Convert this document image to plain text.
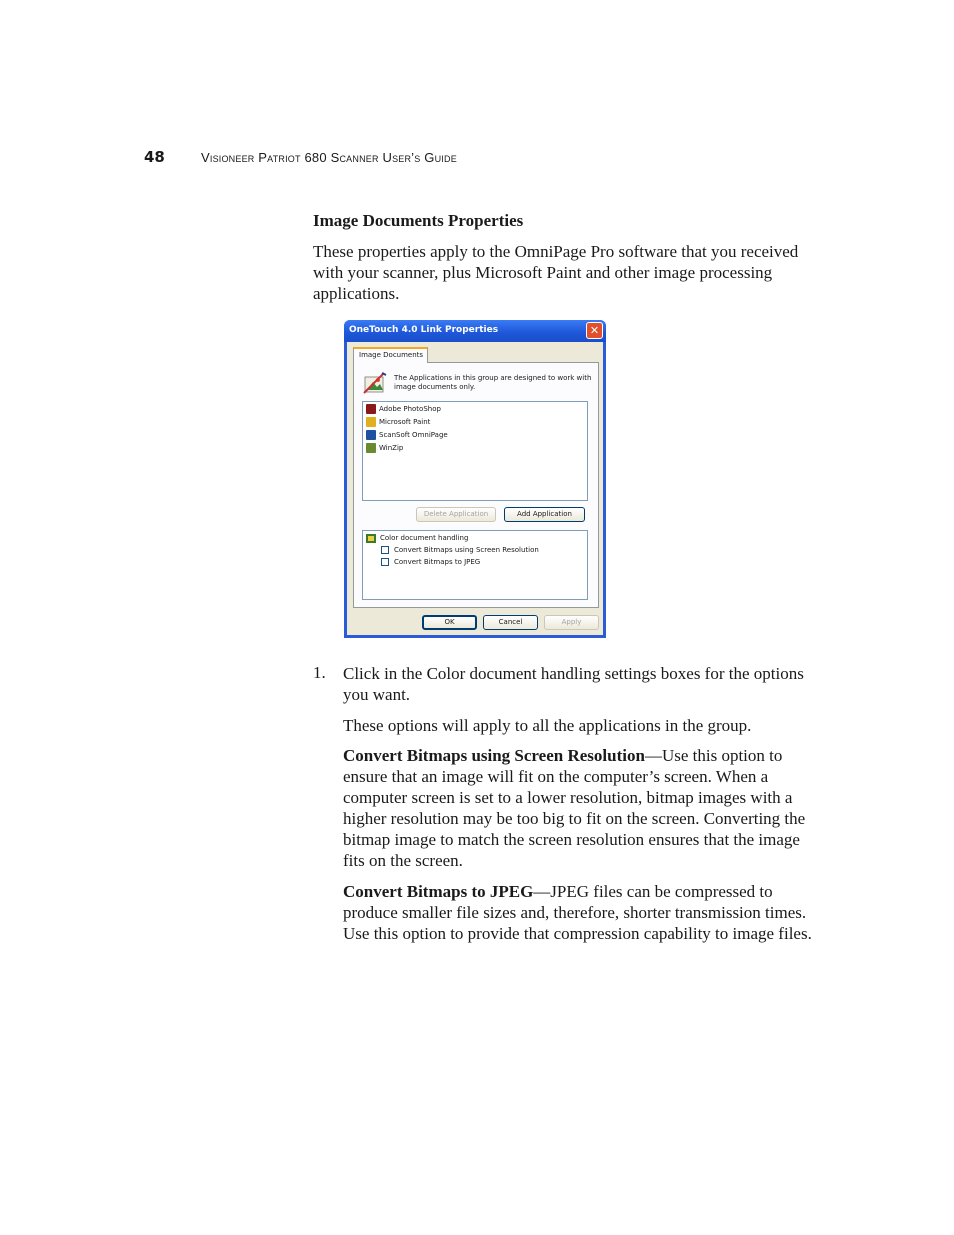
48	Visioneer Patriot 680 Scanner User’s Guide
Image Documents Properties
These properties apply to the OmniPage Pro software that you received with your scanner, plus Microsoft Paint and other image processing applications.
OneTouch 4.0 Link Properties	✕
Image Documents
The Applications in this group are designed to work with image documents only.
Adobe PhotoShop
Microsoft Paint
ScanSoft OmniPage
WinZip
Delete Application	Add Application
Color document handling
Convert Bitmaps using Screen Resolution
Convert Bitmaps to JPEG
OK	Cancel	Apply
1. Click in the Color document handling settings boxes for the options you want.
These options will apply to all the applications in the group.
Convert Bitmaps using Screen Resolution—Use this option to ensure that an image will fit on the computer’s screen. When a computer screen is set to a lower resolution, bitmap images with a higher resolution may be too big to fit on the screen. Converting the bitmap image to match the screen resolution ensures that the image fits on the screen.
Convert Bitmaps to JPEG—JPEG files can be compressed to produce smaller file sizes and, therefore, shorter transmission times. Use this option to provide that compression capability to image files.
